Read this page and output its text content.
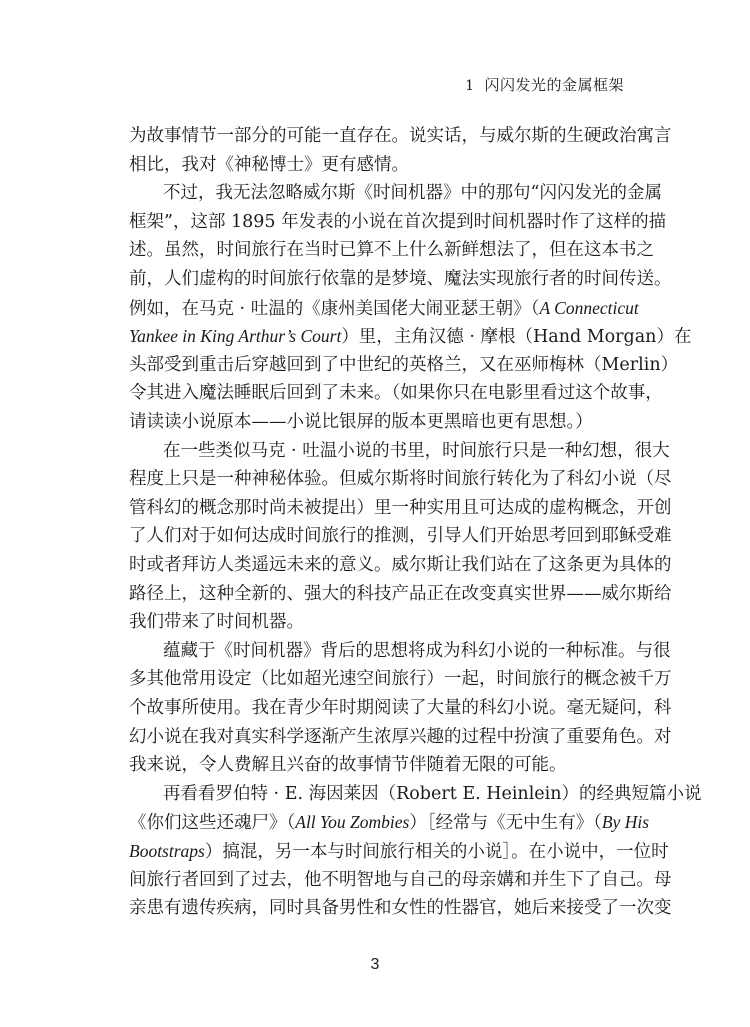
1 闪闪发光的金属框架
为故事情节一部分的可能一直存在。说实话，与威尔斯的生硬政治寓言
相比，我对《神秘博士》更有感情。
不过，我无法忽略威尔斯《时间机器》中的那句“闪闪发光的金属
框架”，这部 1895 年发表的小说在首次提到时间机器时作了这样的描
述。虽然，时间旅行在当时已算不上什么新鲜想法了，但在这本书之
前，人们虚构的时间旅行依靠的是梦境、魔法实现旅行者的时间传送。
例如，在马克 · 吐温的《康州美国佬大闹亚瑟王朝》（A Connecticut
Yankee in King Arthur’s Court）里，主角汉德 · 摩根（Hand Morgan）在
头部受到重击后穿越回到了中世纪的英格兰，又在巫师梅林（Merlin）
令其进入魔法睡眠后回到了未来。（如果你只在电影里看过这个故事，
请读读小说原本——小说比银屏的版本更黑暗也更有思想。）
在一些类似马克 · 吐温小说的书里，时间旅行只是一种幻想，很大
程度上只是一种神秘体验。但威尔斯将时间旅行转化为了科幻小说（尽
管科幻的概念那时尚未被提出）里一种实用且可达成的虚构概念，开创
了人们对于如何达成时间旅行的推测，引导人们开始思考回到耶稣受难
时或者拜访人类遥远未来的意义。威尔斯让我们站在了这条更为具体的
路径上，这种全新的、强大的科技产品正在改变真实世界——威尔斯给
我们带来了时间机器。
蕴藏于《时间机器》背后的思想将成为科幻小说的一种标准。与很
多其他常用设定（比如超光速空间旅行）一起，时间旅行的概念被千万
个故事所使用。我在青少年时期阅读了大量的科幻小说。毫无疑问，科
幻小说在我对真实科学逐渐产生浓厚兴趣的过程中扮演了重要角色。对
我来说，令人费解且兴奋的故事情节伴随着无限的可能。
再看看罗伯特 · E. 海因莱因（Robert E. Heinlein）的经典短篇小说
《你们这些还魂尸》（All You Zombies）［经常与《无中生有》（By His
Bootstraps）搞混，另一本与时间旅行相关的小说］。在小说中，一位时
间旅行者回到了过去，他不明智地与自己的母亲媾和并生下了自己。母
亲患有遗传疾病，同时具备男性和女性的性器官，她后来接受了一次变
3
